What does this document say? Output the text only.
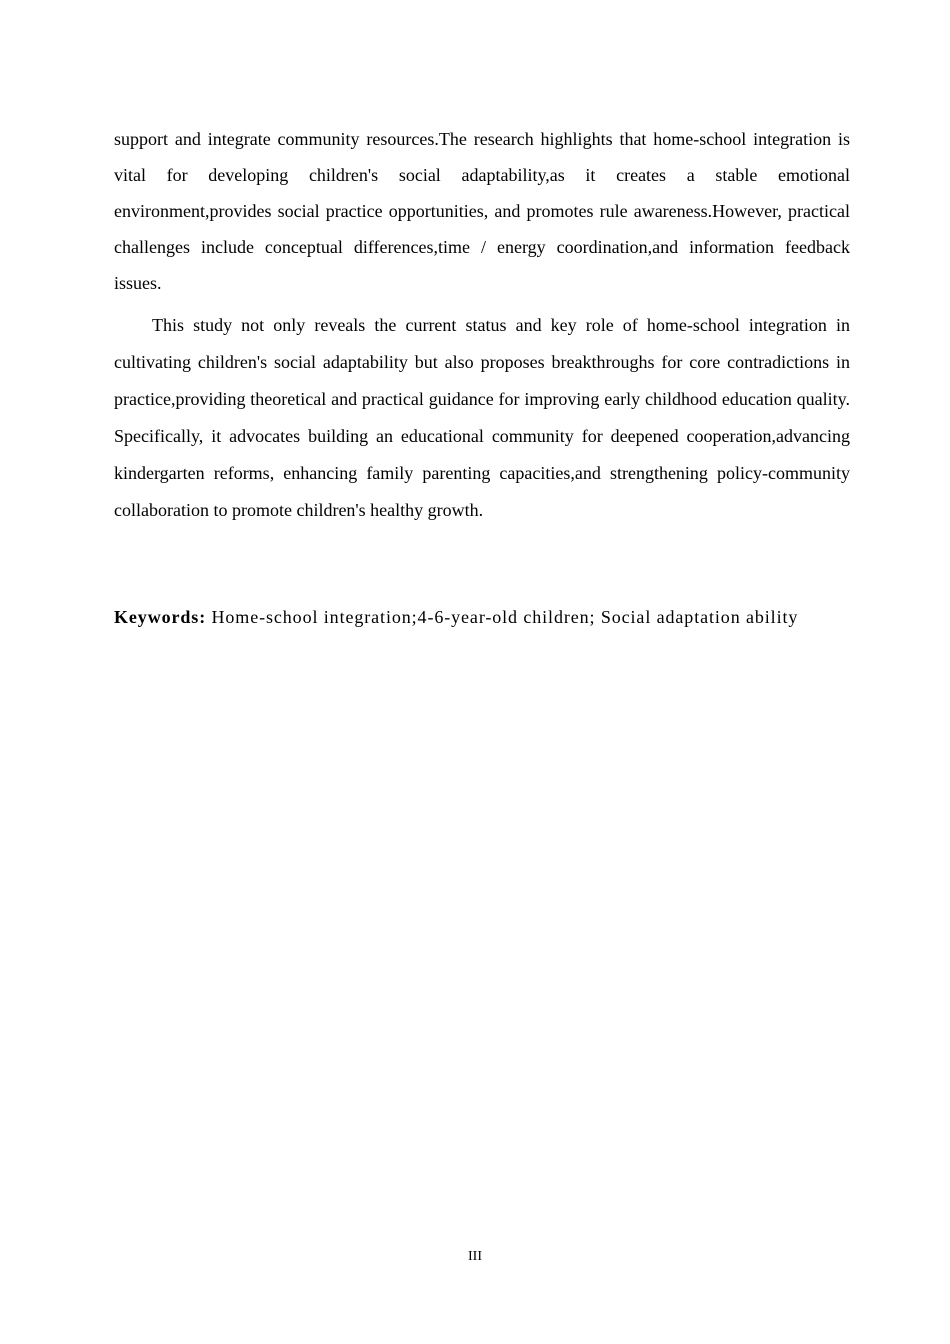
support and integrate community resources.The research highlights that home-school integration is vital for developing children's social adaptability,as it creates a stable emotional environment,provides social practice opportunities, and promotes rule awareness.However, practical challenges include conceptual differences,time / energy coordination,and information feedback issues.

This study not only reveals the current status and key role of home-school integration in cultivating children's social adaptability but also proposes breakthroughs for core contradictions in practice,providing theoretical and practical guidance for improving early childhood education quality. Specifically, it advocates building an educational community for deepened cooperation,advancing kindergarten reforms, enhancing family parenting capacities,and strengthening policy-community collaboration to promote children's healthy growth.

Keywords: Home-school integration;4-6-year-old children; Social adaptation ability

III
